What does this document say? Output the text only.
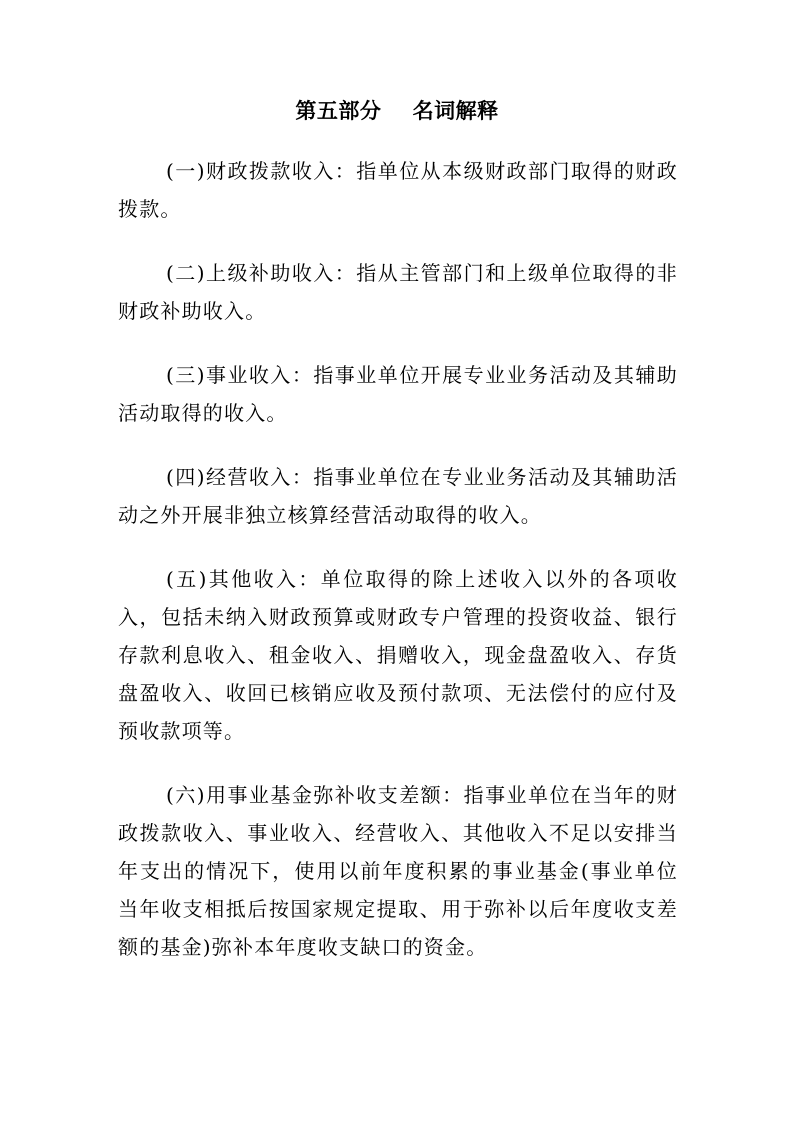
第五部分    名词解释

(一)财政拨款收入：指单位从本级财政部门取得的财政拨款。

(二)上级补助收入：指从主管部门和上级单位取得的非财政补助收入。

(三)事业收入：指事业单位开展专业业务活动及其辅助活动取得的收入。

(四)经营收入：指事业单位在专业业务活动及其辅助活动之外开展非独立核算经营活动取得的收入。

(五)其他收入：单位取得的除上述收入以外的各项收入，包括未纳入财政预算或财政专户管理的投资收益、银行存款利息收入、租金收入、捐赠收入，现金盘盈收入、存货盘盈收入、收回已核销应收及预付款项、无法偿付的应付及预收款项等。

(六)用事业基金弥补收支差额：指事业单位在当年的财政拨款收入、事业收入、经营收入、其他收入不足以安排当年支出的情况下，使用以前年度积累的事业基金(事业单位当年收支相抵后按国家规定提取、用于弥补以后年度收支差额的基金)弥补本年度收支缺口的资金。
